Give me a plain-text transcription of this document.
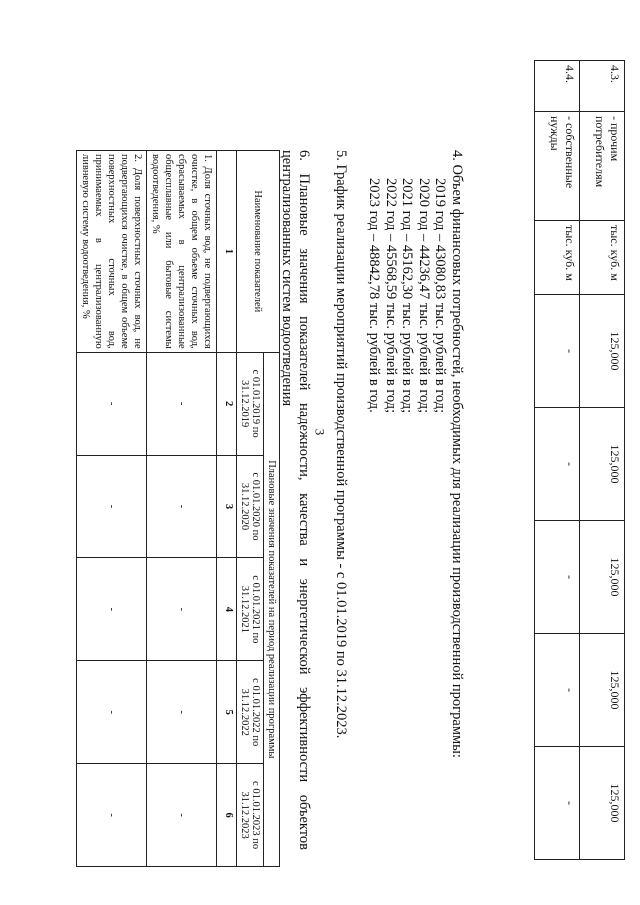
3
4.3.	- прочим потребителям	тыс. куб. м	125,000	125,000	125,000	125,000	125,000
4.4.	- собственные нужды	тыс. куб. м	-	-	-	-	-
4. Объем финансовых потребностей, необходимых для реализации производственной программы:
2019 год – 43080,83 тыс. рублей в год;
2020 год – 44236,47 тыс. рублей в год;
2021 год – 45162,30 тыс. рублей в год;
2022 год – 45568,59 тыс. рублей в год;
2023 год – 48842,78 тыс. рублей в год.
5. График реализации мероприятий производственной программы - с 01.01.2019 по 31.12.2023.
6. Плановые значения показателей надежности, качества и энергетической эффективности объектов
централизованных систем водоотведения
Наименование показателей	Плановые значения показателей на период реализации программы				
	с 01.01.2019 по 31.12.2019	с 01.01.2020 по 31.12.2020	с 01.01.2021 по 31.12.2021	с 01.01.2022 по 31.12.2022	с 01.01.2023 по 31.12.2023
1	2	3	4	5	6
1. Доля сточных вод, не подвергающихся очистке, в общем объеме сточных вод, сбрасываемых в централизованные общесплавные или бытовые системы водоотведения, %	-	-	-	-	-
2. Доля поверхностных сточных вод, не подвергающихся очистке, в общем объеме поверхностных сточных вод, принимаемых в централизованную ливневую систему водоотведения, %	-	-	-	-	-
